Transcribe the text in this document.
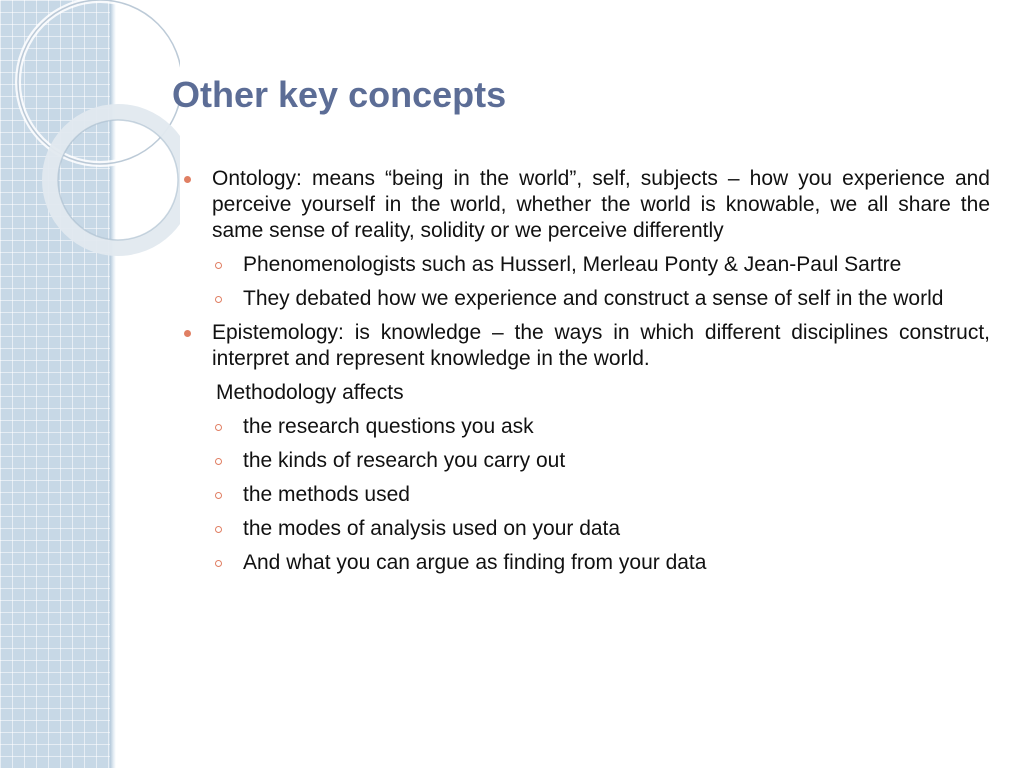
Other key concepts

Ontology: means “being in the world”, self, subjects – how you experience and perceive yourself in the world, whether the world is knowable, we all share the same sense of reality, solidity or we perceive differently

Phenomenologists such as Husserl, Merleau Ponty & Jean-Paul Sartre

They debated how we experience and construct a sense of self in the world

Epistemology: is knowledge – the ways in which different disciplines construct, interpret and represent knowledge in the world.

Methodology affects

the research questions you ask

the kinds of research you carry out

the methods used

the modes of analysis used on your data

And what you can argue as finding from your data
